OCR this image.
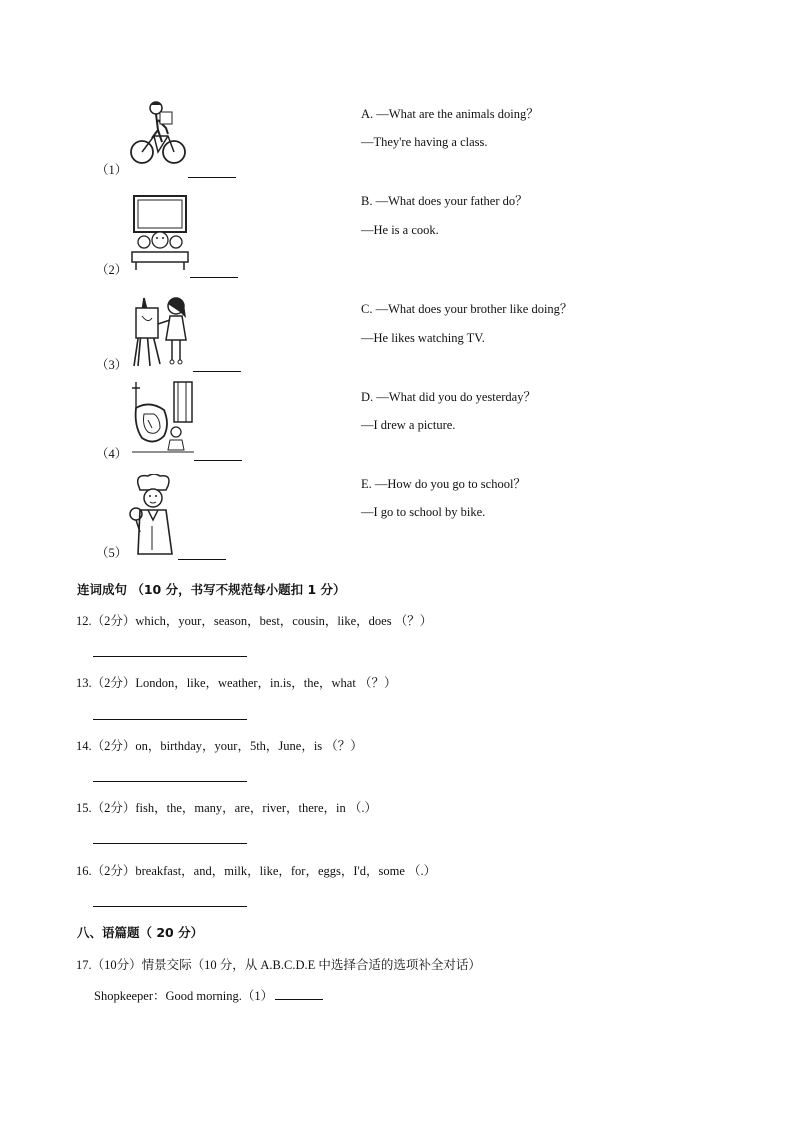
（1）
（2）
（3）
（4）
（5）
A. —What are the animals doing？
—They're having a class.
B. —What does your father do？
—He is a cook.
C. —What does your brother like doing？
—He likes watching TV.
D. —What did you do yesterday？
—I drew a picture.
E. —How do you go to school？
—I go to school by bike.
连词成句 （10 分，书写不规范每小题扣 1 分）
12.（2分）which，your，season，best，cousin，like，does （？）
13.（2分）London，like，weather，in.is，the，what （？）
14.（2分）on，birthday，your，5th，June，is （？）
15.（2分）fish，the，many，are，river，there，in （.）
16.（2分）breakfast，and，milk，like，for，eggs，I'd，some （.）
八、语篇题（ 20 分）
17.（10分）情景交际（10 分，从 A.B.C.D.E 中选择合适的选项补全对话）
Shopkeeper：Good morning.（1）
